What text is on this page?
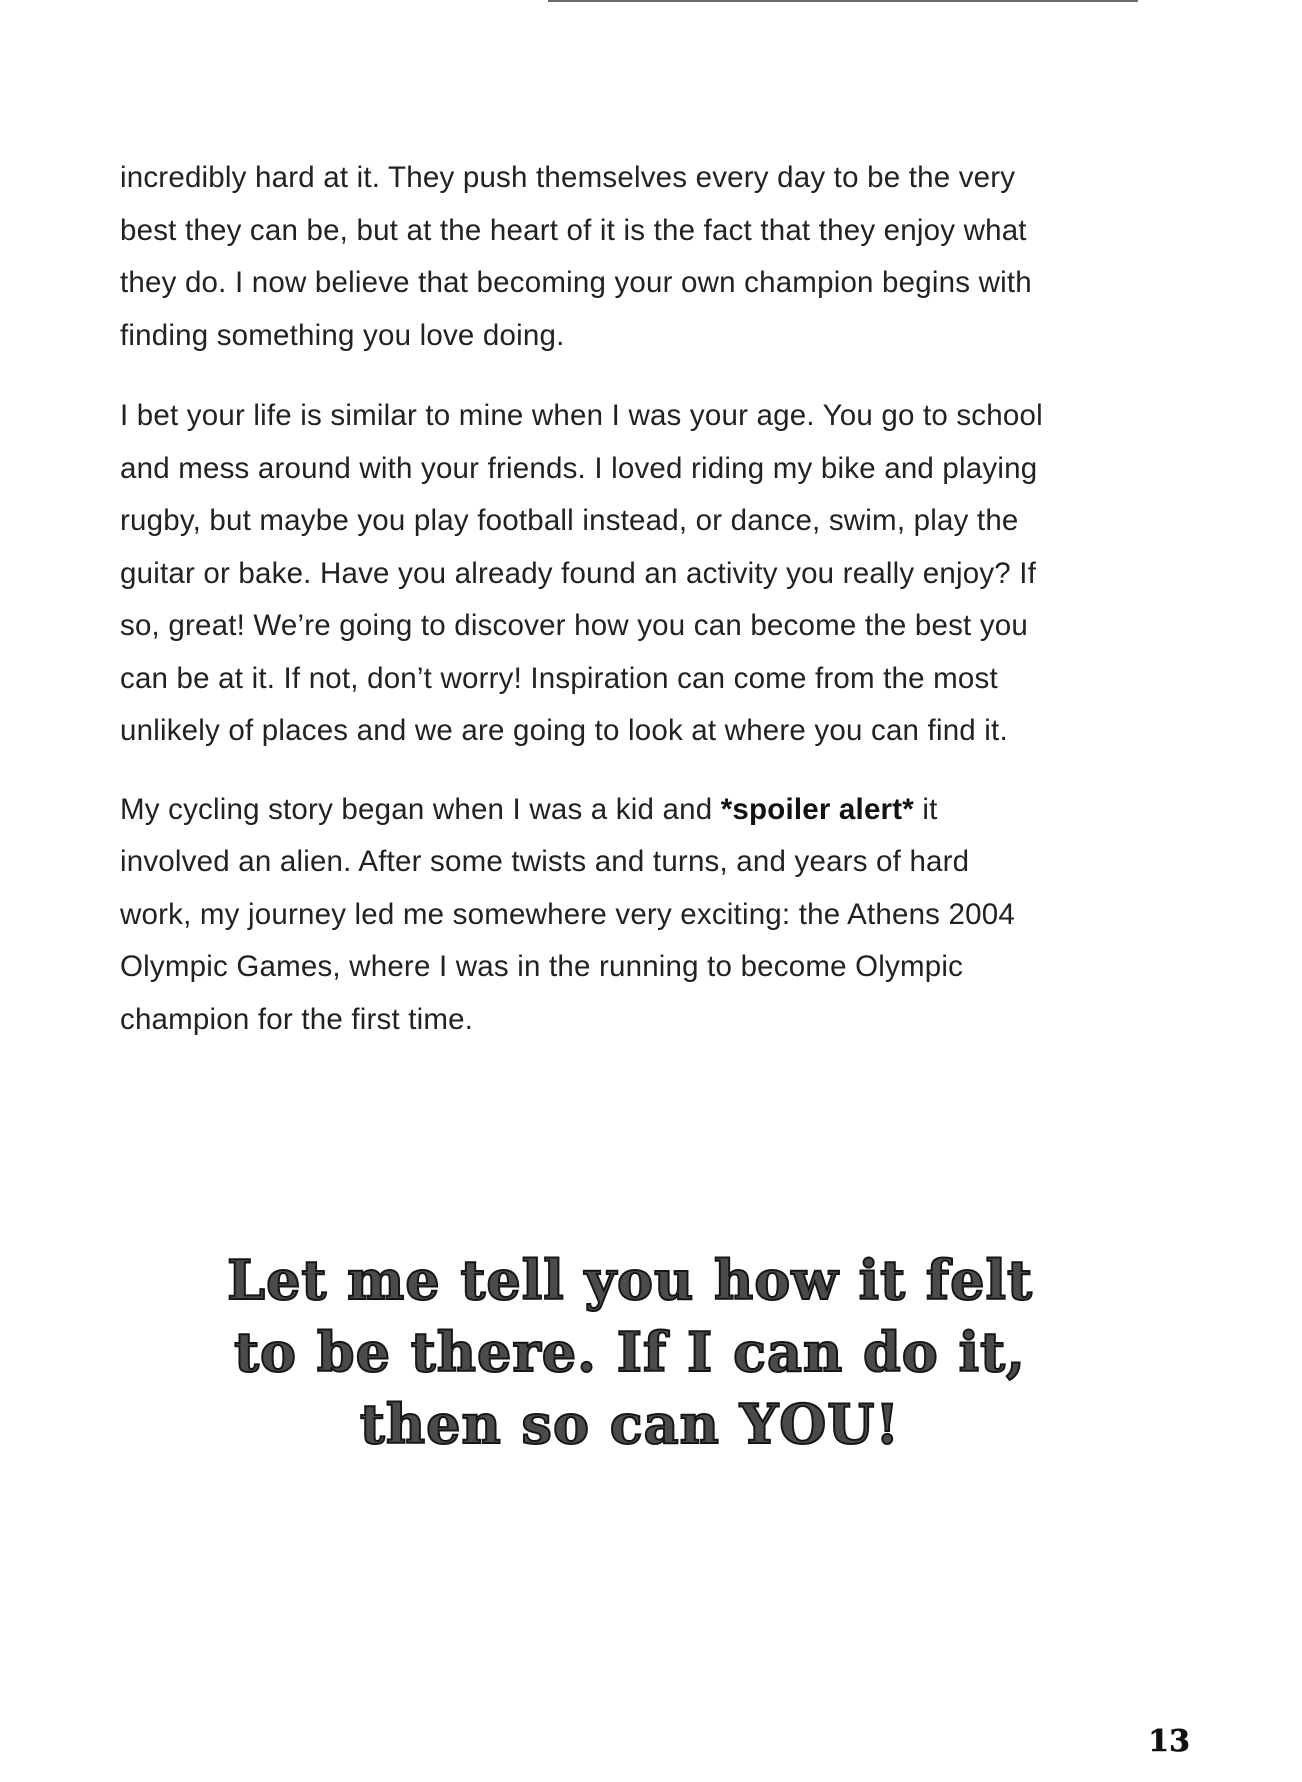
incredibly hard at it. They push themselves every day to be the very
best they can be, but at the heart of it is the fact that they enjoy what
they do. I now believe that becoming your own champion begins with
finding something you love doing.

I bet your life is similar to mine when I was your age. You go to school
and mess around with your friends. I loved riding my bike and playing
rugby, but maybe you play football instead, or dance, swim, play the
guitar or bake. Have you already found an activity you really enjoy? If
so, great! We’re going to discover how you can become the best you
can be at it. If not, don’t worry! Inspiration can come from the most
unlikely of places and we are going to look at where you can find it.

My cycling story began when I was a kid and *spoiler alert* it
involved an alien. After some twists and turns, and years of hard
work, my journey led me somewhere very exciting: the Athens 2004
Olympic Games, where I was in the running to become Olympic
champion for the first time.

Let me tell you how it felt
to be there. If I can do it,
then so can YOU!
13
